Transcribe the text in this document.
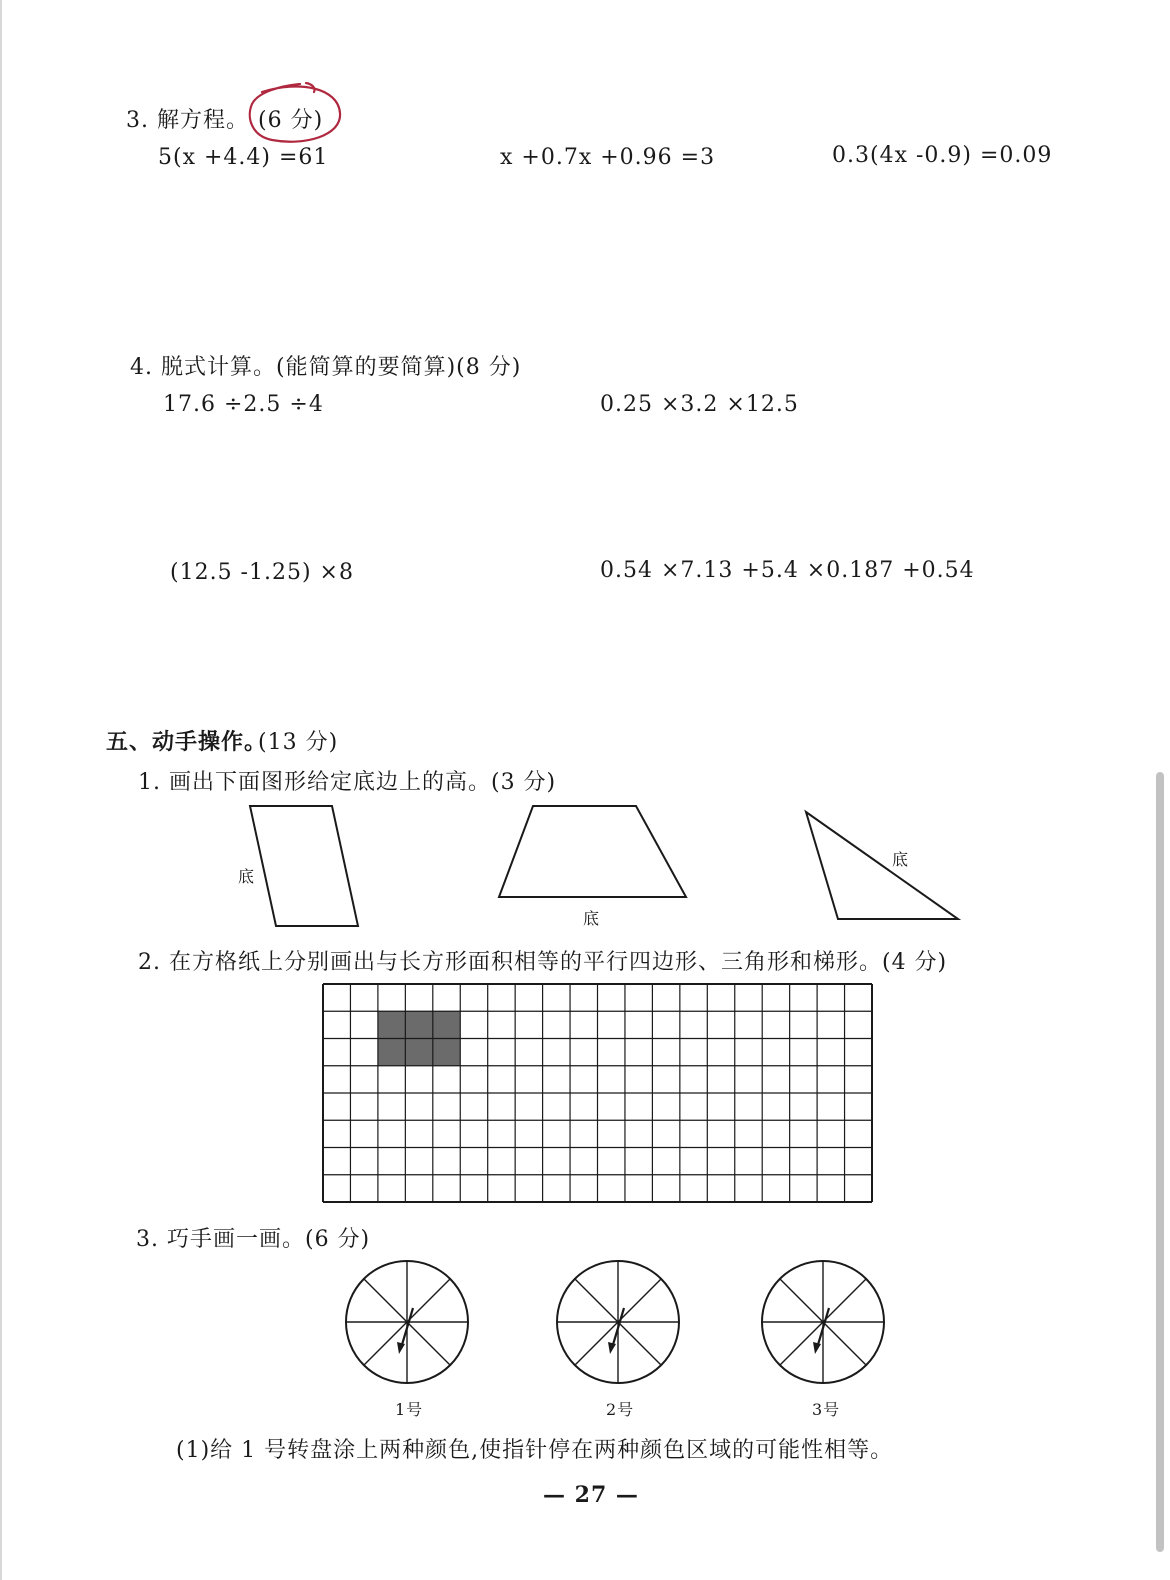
3. 解方程。 (6 分)
5(x +4.4) =61	x +0.7x +0.96 =3	0.3(4x -0.9) =0.09
4. 脱式计算。(能简算的要简算)(8 分)
17.6 ÷2.5 ÷4	0.25 ×3.2 ×12.5
(12.5 -1.25) ×8	0.54 ×7.13 +5.4 ×0.187 +0.54
五、动手操作。
(13 分)
1. 画出下面图形给定底边上的高。(3 分)
底
底
底
2. 在方格纸上分别画出与长方形面积相等的平行四边形、三角形和梯形。(4 分)
3. 巧手画一画。(6 分)
1号	2号	3号
(1)给 1 号转盘涂上两种颜色,使指针停在两种颜色区域的可能性相等。
— 27 —
